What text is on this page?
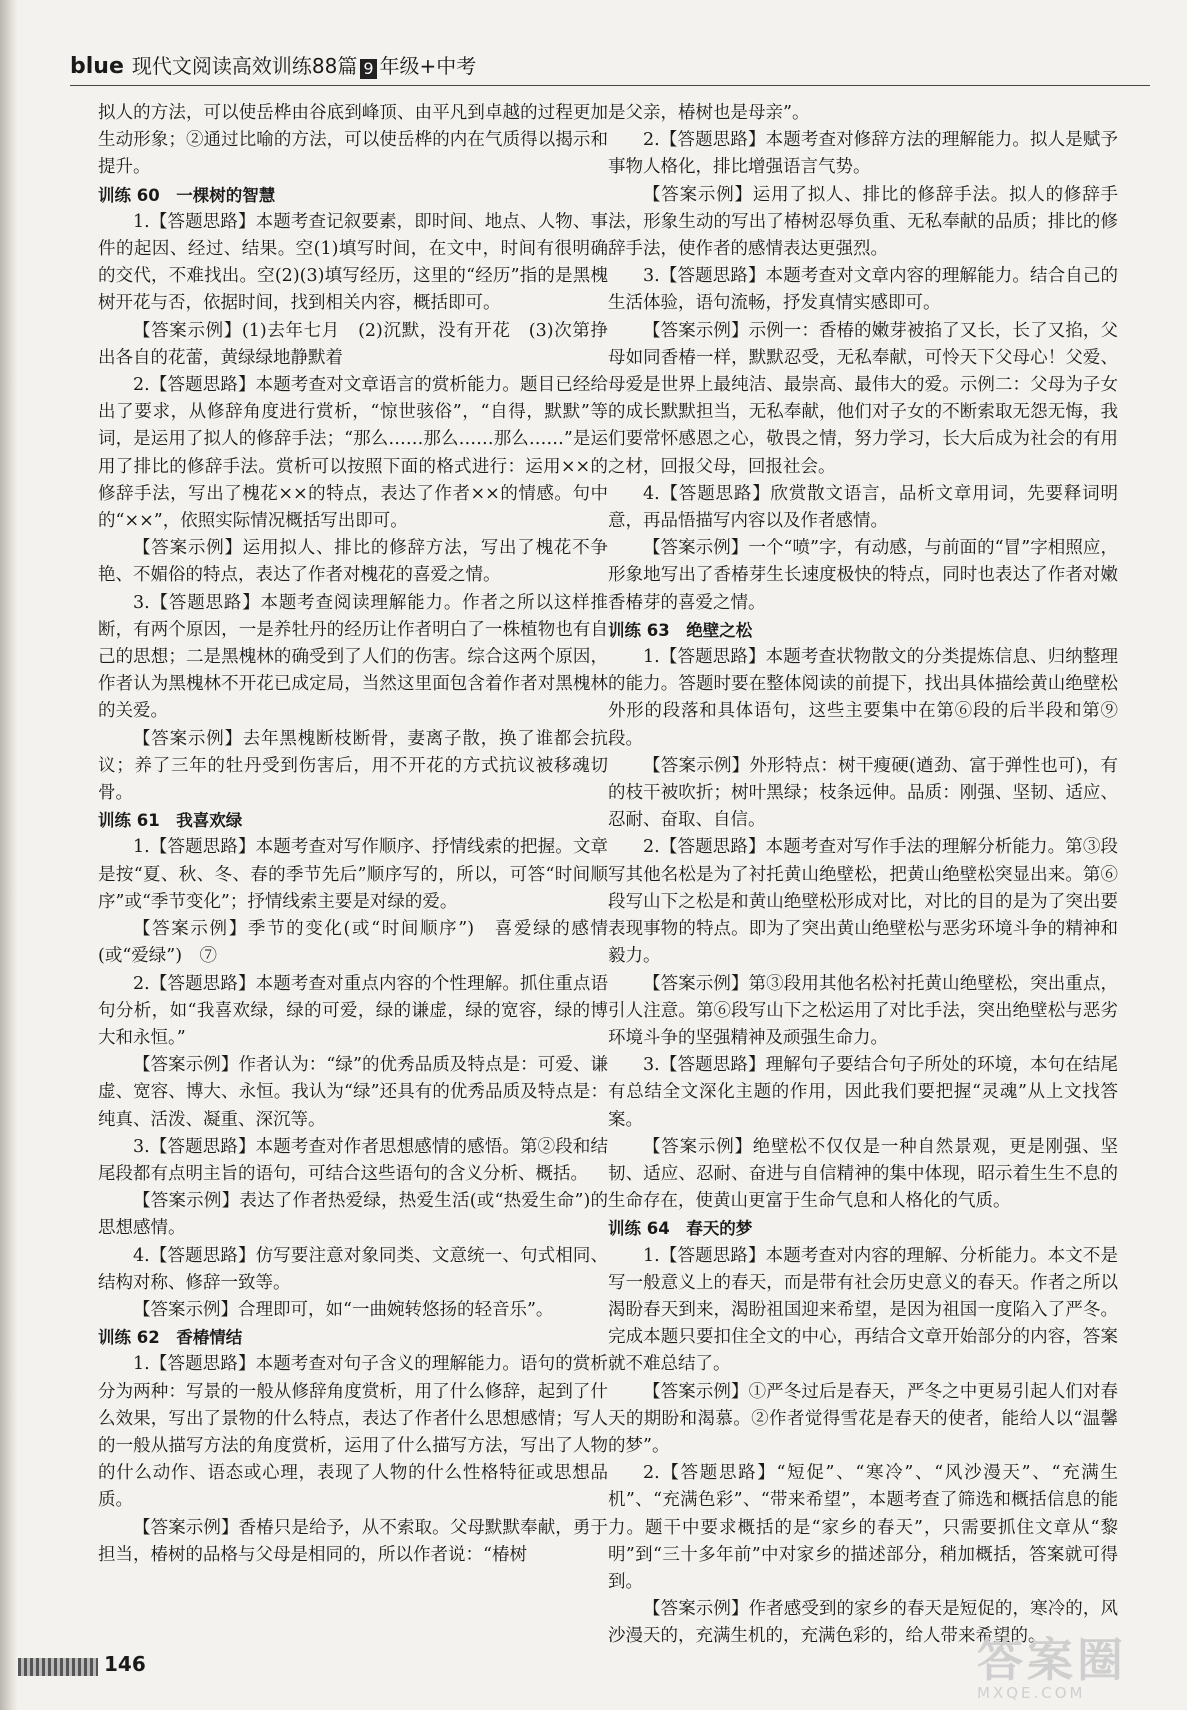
blue 现代文阅读高效训练88篇 9 年级+中考

拟人的方法，可以使岳桦由谷底到峰顶、由平凡到卓越的过程更加生动形象；②通过比喻的方法，可以使岳桦的内在气质得以揭示和提升。

训练 60　一棵树的智慧

1.【答题思路】本题考查记叙要素，即时间、地点、人物、事件的起因、经过、结果。空(1)填写时间，在文中，时间有很明确的交代，不难找出。空(2)(3)填写经历，这里的“经历”指的是黑槐树开花与否，依据时间，找到相关内容，概括即可。

【答案示例】(1)去年七月　(2)沉默，没有开花　(3)次第挣出各自的花蕾，黄绿绿地静默着

2.【答题思路】本题考查对文章语言的赏析能力。题目已经给出了要求，从修辞角度进行赏析，“惊世骇俗”，“自得，默默”等词，是运用了拟人的修辞手法；“那么……那么……那么……”是运用了排比的修辞手法。赏析可以按照下面的格式进行：运用××的修辞手法，写出了槐花××的特点，表达了作者××的情感。句中的“××”，依照实际情况概括写出即可。

【答案示例】运用拟人、排比的修辞方法，写出了槐花不争艳、不媚俗的特点，表达了作者对槐花的喜爱之情。

3.【答题思路】本题考查阅读理解能力。作者之所以这样推断，有两个原因，一是养牡丹的经历让作者明白了一株植物也有自己的思想；二是黑槐林的确受到了人们的伤害。综合这两个原因，作者认为黑槐林不开花已成定局，当然这里面包含着作者对黑槐林的关爱。

【答案示例】去年黑槐断枝断骨，妻离子散，换了谁都会抗议；养了三年的牡丹受到伤害后，用不开花的方式抗议被移魂切骨。

训练 61　我喜欢绿

1.【答题思路】本题考查对写作顺序、抒情线索的把握。文章是按“夏、秋、冬、春的季节先后”顺序写的，所以，可答“时间顺序”或“季节变化”；抒情线索主要是对绿的爱。

【答案示例】季节的变化(或“时间顺序”)　喜爱绿的感情(或“爱绿”)　⑦

2.【答题思路】本题考查对重点内容的个性理解。抓住重点语句分析，如“我喜欢绿，绿的可爱，绿的谦虚，绿的宽容，绿的博大和永恒。”

【答案示例】作者认为：“绿”的优秀品质及特点是：可爱、谦虚、宽容、博大、永恒。我认为“绿”还具有的优秀品质及特点是：纯真、活泼、凝重、深沉等。

3.【答题思路】本题考查对作者思想感情的感悟。第②段和结尾段都有点明主旨的语句，可结合这些语句的含义分析、概括。

【答案示例】表达了作者热爱绿，热爱生活(或“热爱生命”)的思想感情。

4.【答题思路】仿写要注意对象同类、文意统一、句式相同、结构对称、修辞一致等。

【答案示例】合理即可，如“一曲婉转悠扬的轻音乐”。

训练 62　香椿情结

1.【答题思路】本题考查对句子含义的理解能力。语句的赏析分为两种：写景的一般从修辞角度赏析，用了什么修辞，起到了什么效果，写出了景物的什么特点，表达了作者什么思想感情；写人的一般从描写方法的角度赏析，运用了什么描写方法，写出了人物的什么动作、语态或心理，表现了人物的什么性格特征或思想品质。

【答案示例】香椿只是给予，从不索取。父母默默奉献，勇于担当，椿树的品格与父母是相同的，所以作者说：“椿树

是父亲，椿树也是母亲”。

2.【答题思路】本题考查对修辞方法的理解能力。拟人是赋予事物人格化，排比增强语言气势。

【答案示例】运用了拟人、排比的修辞手法。拟人的修辞手法，形象生动的写出了椿树忍辱负重、无私奉献的品质；排比的修辞手法，使作者的感情表达更强烈。

3.【答题思路】本题考查对文章内容的理解能力。结合自己的生活体验，语句流畅，抒发真情实感即可。

【答案示例】示例一：香椿的嫩芽被掐了又长，长了又掐，父母如同香椿一样，默默忍受，无私奉献，可怜天下父母心！父爱、母爱是世界上最纯洁、最崇高、最伟大的爱。示例二：父母为子女的成长默默担当，无私奉献，他们对子女的不断索取无怨无悔，我们要常怀感恩之心，敬畏之情，努力学习，长大后成为社会的有用之材，回报父母，回报社会。

4.【答题思路】欣赏散文语言，品析文章用词，先要释词明意，再品悟描写内容以及作者感情。

【答案示例】一个“喷”字，有动感，与前面的“冒”字相照应，形象地写出了香椿芽生长速度极快的特点，同时也表达了作者对嫩香椿芽的喜爱之情。

训练 63　绝壁之松

1.【答题思路】本题考查状物散文的分类提炼信息、归纳整理的能力。答题时要在整体阅读的前提下，找出具体描绘黄山绝壁松外形的段落和具体语句，这些主要集中在第⑥段的后半段和第⑨段。

【答案示例】外形特点：树干瘦硬(遒劲、富于弹性也可)，有的枝干被吹折；树叶黑绿；枝条远伸。品质：刚强、坚韧、适应、忍耐、奋取、自信。

2.【答题思路】本题考查对写作手法的理解分析能力。第③段写其他名松是为了衬托黄山绝壁松，把黄山绝壁松突显出来。第⑥段写山下之松是和黄山绝壁松形成对比，对比的目的是为了突出要表现事物的特点。即为了突出黄山绝壁松与恶劣环境斗争的精神和毅力。

【答案示例】第③段用其他名松衬托黄山绝壁松，突出重点，引人注意。第⑥段写山下之松运用了对比手法，突出绝壁松与恶劣环境斗争的坚强精神及顽强生命力。

3.【答题思路】理解句子要结合句子所处的环境，本句在结尾有总结全文深化主题的作用，因此我们要把握“灵魂”从上文找答案。

【答案示例】绝壁松不仅仅是一种自然景观，更是刚强、坚韧、适应、忍耐、奋进与自信精神的集中体现，昭示着生生不息的生命存在，使黄山更富于生命气息和人格化的气质。

训练 64　春天的梦

1.【答题思路】本题考查对内容的理解、分析能力。本文不是写一般意义上的春天，而是带有社会历史意义的春天。作者之所以渴盼春天到来，渴盼祖国迎来希望，是因为祖国一度陷入了严冬。完成本题只要扣住全文的中心，再结合文章开始部分的内容，答案就不难总结了。

【答案示例】①严冬过后是春天，严冬之中更易引起人们对春天的期盼和渴慕。②作者觉得雪花是春天的使者，能给人以“温馨的梦”。

2.【答题思路】“短促”、“寒冷”、“风沙漫天”、“充满生机”、“充满色彩”、“带来希望”，本题考查了筛选和概括信息的能力。题干中要求概括的是“家乡的春天”，只需要抓住文章从“黎明”到“三十多年前”中对家乡的描述部分，稍加概括，答案就可得到。

【答案示例】作者感受到的家乡的春天是短促的，寒冷的，风沙漫天的，充满生机的，充满色彩的，给人带来希望的。

146	答案圈
MXQE.COM
